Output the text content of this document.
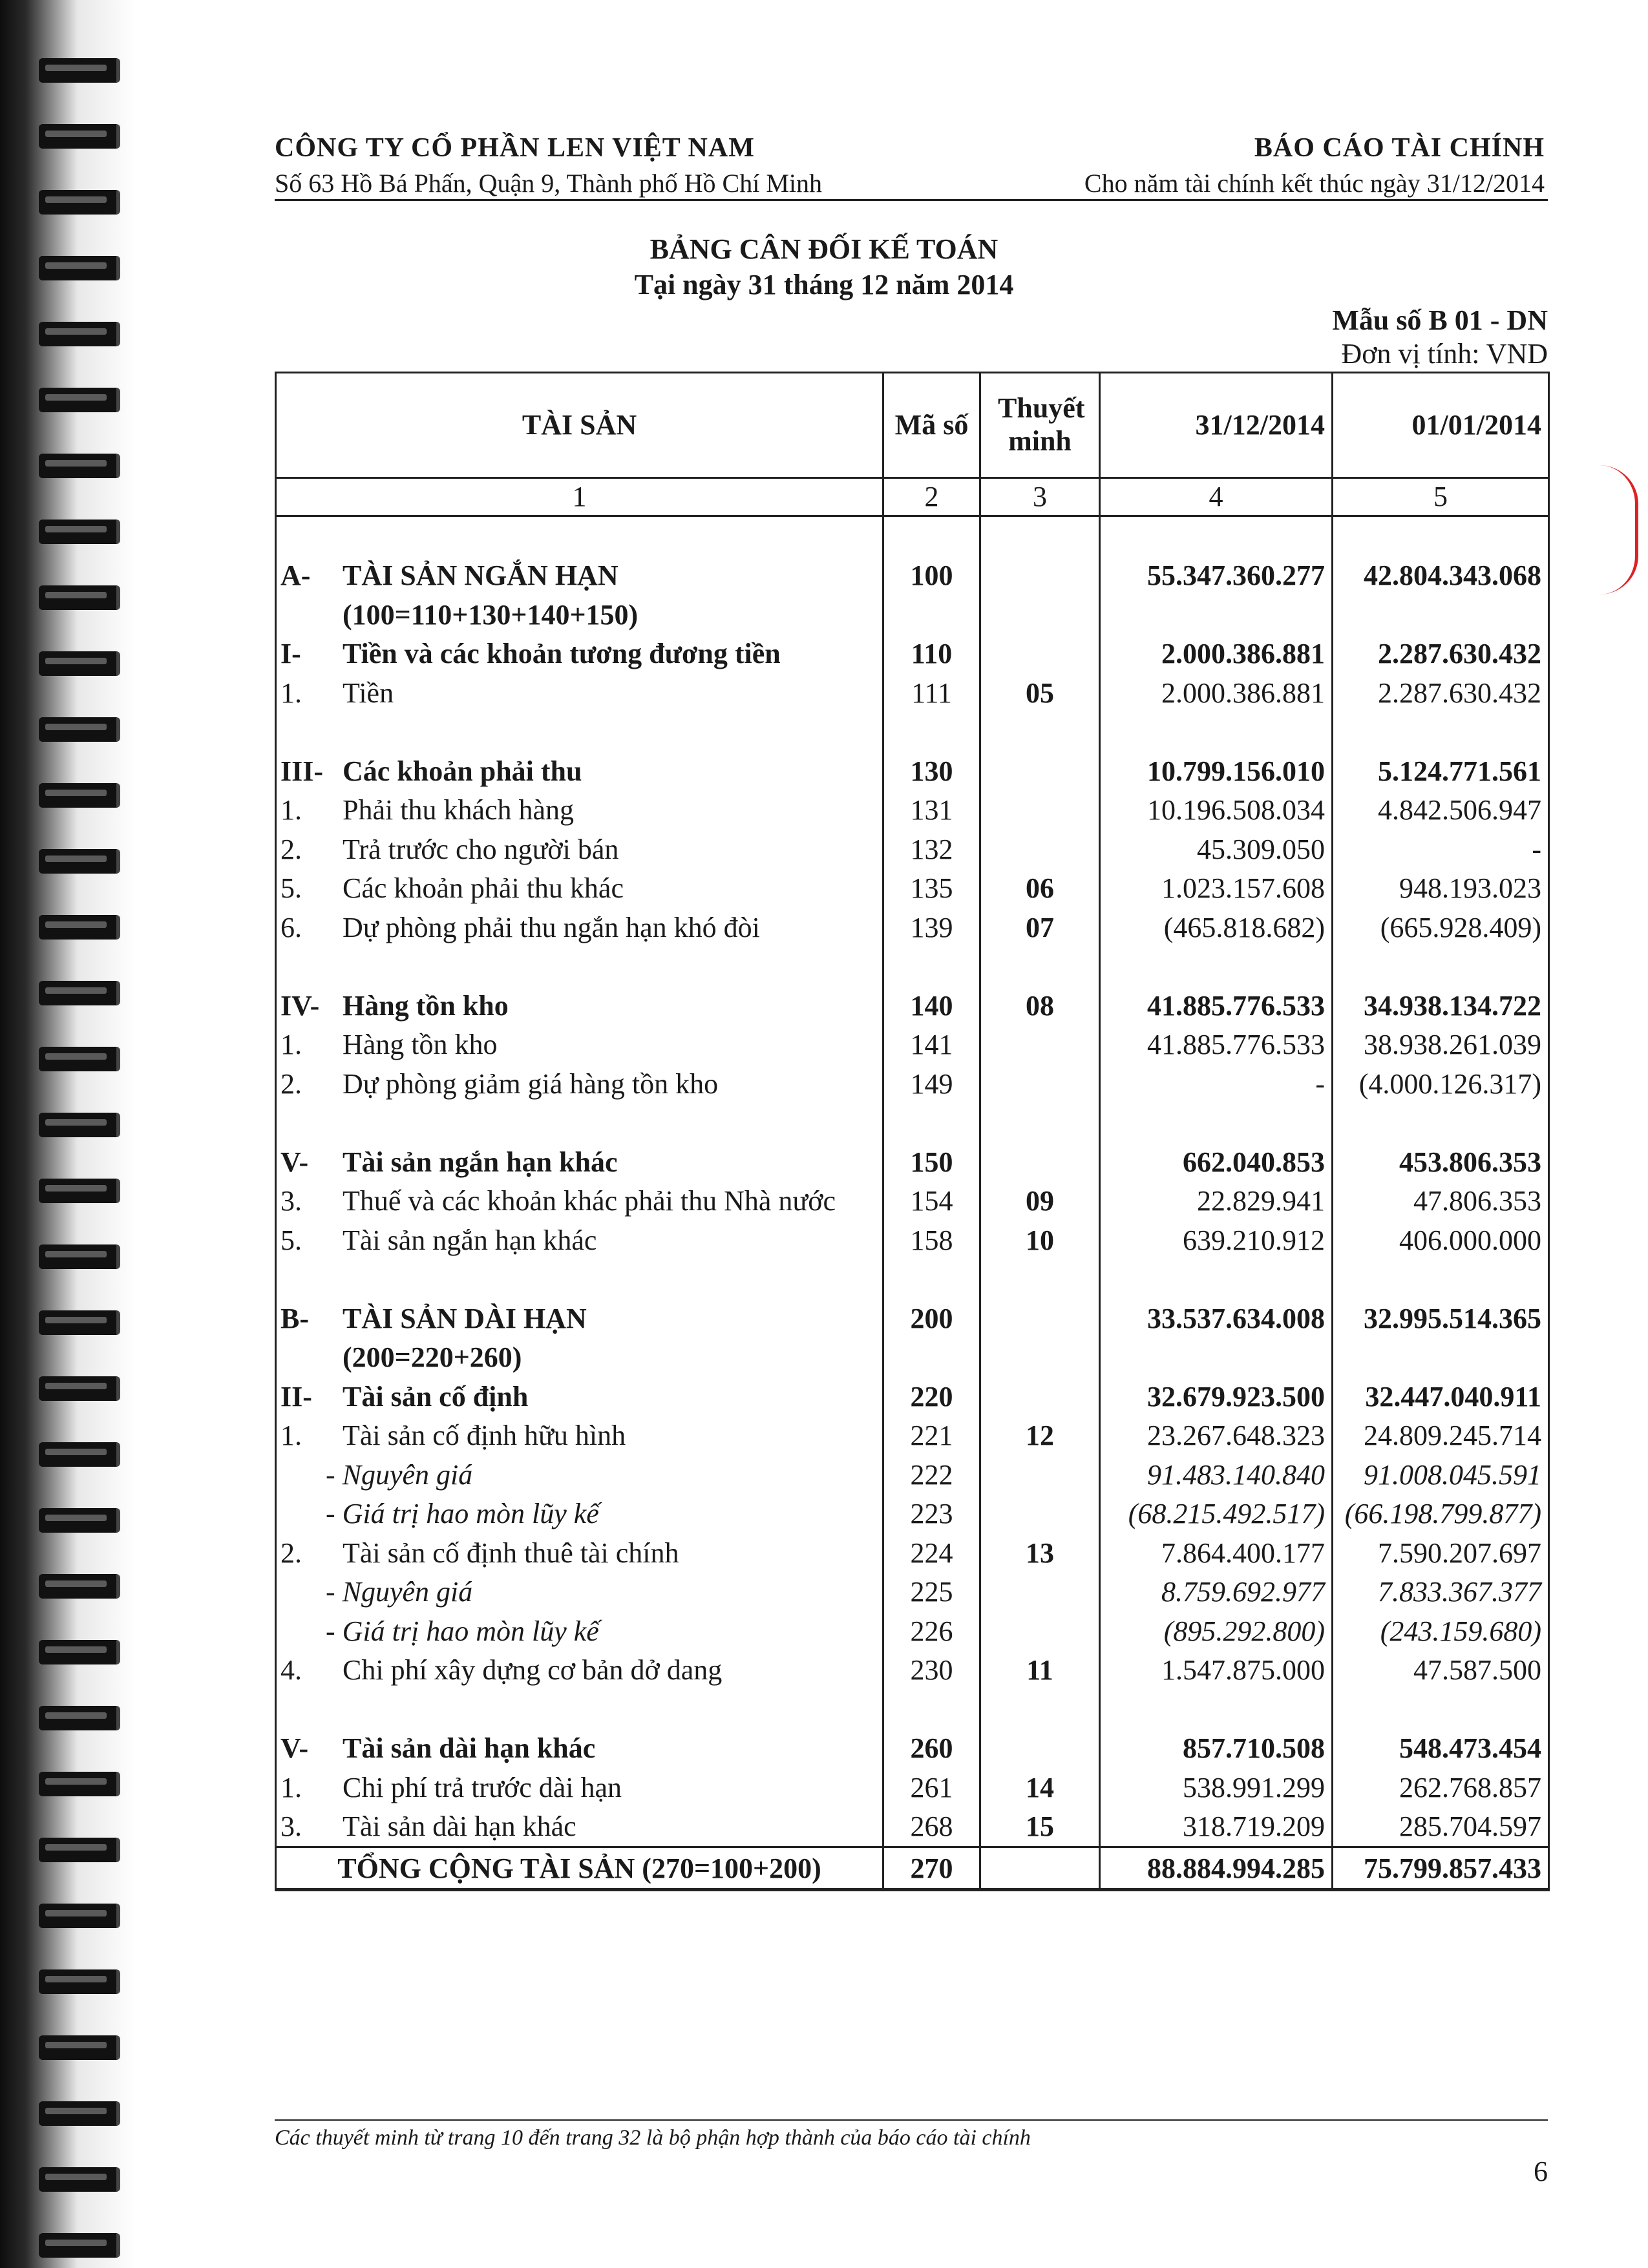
CÔNG TY CỔ PHẦN LEN VIỆT NAM
Số 63 Hồ Bá Phấn, Quận 9, Thành phố Hồ Chí Minh
BÁO CÁO TÀI CHÍNH
Cho năm tài chính kết thúc ngày 31/12/2014
BẢNG CÂN ĐỐI KẾ TOÁN
Tại ngày 31 tháng 12 năm 2014
Mẫu số B 01 - DN
Đơn vị tính: VND
TÀI SẢN	Mã số	Thuyết minh	31/12/2014	01/01/2014
1	2	3	4	5

A- TÀI SẢN NGẮN HẠN	100		55.347.360.277	42.804.343.068
(100=110+130+140+150)				
I- Tiền và các khoản tương đương tiền	110		2.000.386.881	2.287.630.432
1. Tiền	111	05	2.000.386.881	2.287.630.432

III- Các khoản phải thu	130		10.799.156.010	5.124.771.561
1. Phải thu khách hàng	131		10.196.508.034	4.842.506.947
2. Trả trước cho người bán	132		45.309.050	-
5. Các khoản phải thu khác	135	06	1.023.157.608	948.193.023
6. Dự phòng phải thu ngắn hạn khó đòi	139	07	(465.818.682)	(665.928.409)

IV- Hàng tồn kho	140	08	41.885.776.533	34.938.134.722
1. Hàng tồn kho	141		41.885.776.533	38.938.261.039
2. Dự phòng giảm giá hàng tồn kho	149		-	(4.000.126.317)

V- Tài sản ngắn hạn khác	150		662.040.853	453.806.353
3. Thuế và các khoản khác phải thu Nhà nước	154	09	22.829.941	47.806.353
5. Tài sản ngắn hạn khác	158	10	639.210.912	406.000.000

B- TÀI SẢN DÀI HẠN	200		33.537.634.008	32.995.514.365
(200=220+260)				
II- Tài sản cố định	220		32.679.923.500	32.447.040.911
1. Tài sản cố định hữu hình	221	12	23.267.648.323	24.809.245.714
- Nguyên giá	222		91.483.140.840	91.008.045.591
- Giá trị hao mòn lũy kế	223		(68.215.492.517)	(66.198.799.877)
2. Tài sản cố định thuê tài chính	224	13	7.864.400.177	7.590.207.697
- Nguyên giá	225		8.759.692.977	7.833.367.377
- Giá trị hao mòn lũy kế	226		(895.292.800)	(243.159.680)
4. Chi phí xây dựng cơ bản dở dang	230	11	1.547.875.000	47.587.500

V- Tài sản dài hạn khác	260		857.710.508	548.473.454
1. Chi phí trả trước dài hạn	261	14	538.991.299	262.768.857
3. Tài sản dài hạn khác	268	15	318.719.209	285.704.597
TỔNG CỘNG TÀI SẢN (270=100+200)	270		88.884.994.285	75.799.857.433
Các thuyết minh từ trang 10 đến trang 32 là bộ phận hợp thành của báo cáo tài chính
6
